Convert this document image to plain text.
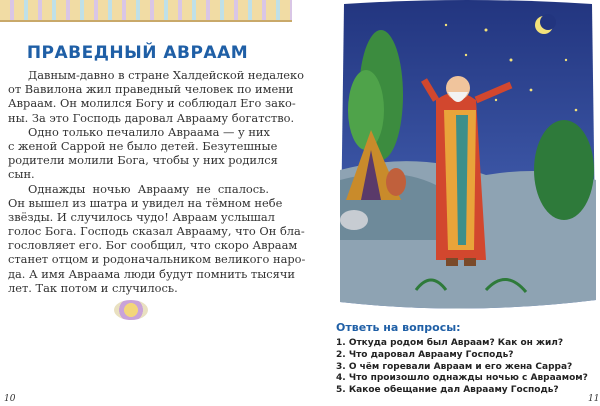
ПРАВЕДНЫЙ АВРААМ
Давным-давно в стране Халдейской недалеко
от Вавилона жил праведный человек по имени
Авраам. Он молился Богу и соблюдал Его зако-
ны. За это Господь даровал Аврааму богатство.
Одно только печалило Авраама — у них
с женой Саррой не было детей. Безутешные
родители молили Бога, чтобы у них родился
сын.
Однажды ночью Аврааму не спалось.
Он вышел из шатра и увидел на тёмном небе
звёзды. И случилось чудо! Авраам услышал
голос Бога. Господь сказал Аврааму, что Он бла-
гословляет его. Бог сообщил, что скоро Авраам
станет отцом и родоначальником великого наро-
да. А имя Авраама люди будут помнить тысячи
лет. Так потом и случилось.
10
Ответь на вопросы:
1. Откуда родом был Авраам? Как он жил?
2. Что даровал Аврааму Господь?
3. О чём горевали Авраам и его жена Сарра?
4. Что произошло однажды ночью с Авраамом?
5. Какое обещание дал Аврааму Господь?
11
